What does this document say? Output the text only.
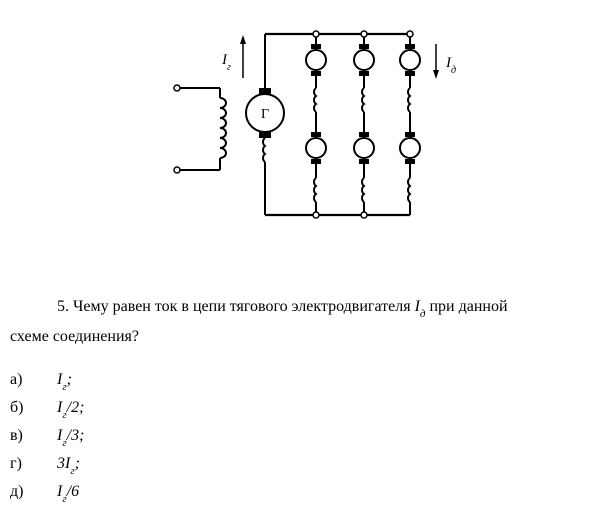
Г
$I_г$	$I_д$
5. Чему равен ток в цепи тягового электродвигателя $I_д$ при данной
схеме соединения?
а) $I_г$;
б) $I_г/2$;
в) $I_г/3$;
г) $3I_г$;
д) $I_г/6$
